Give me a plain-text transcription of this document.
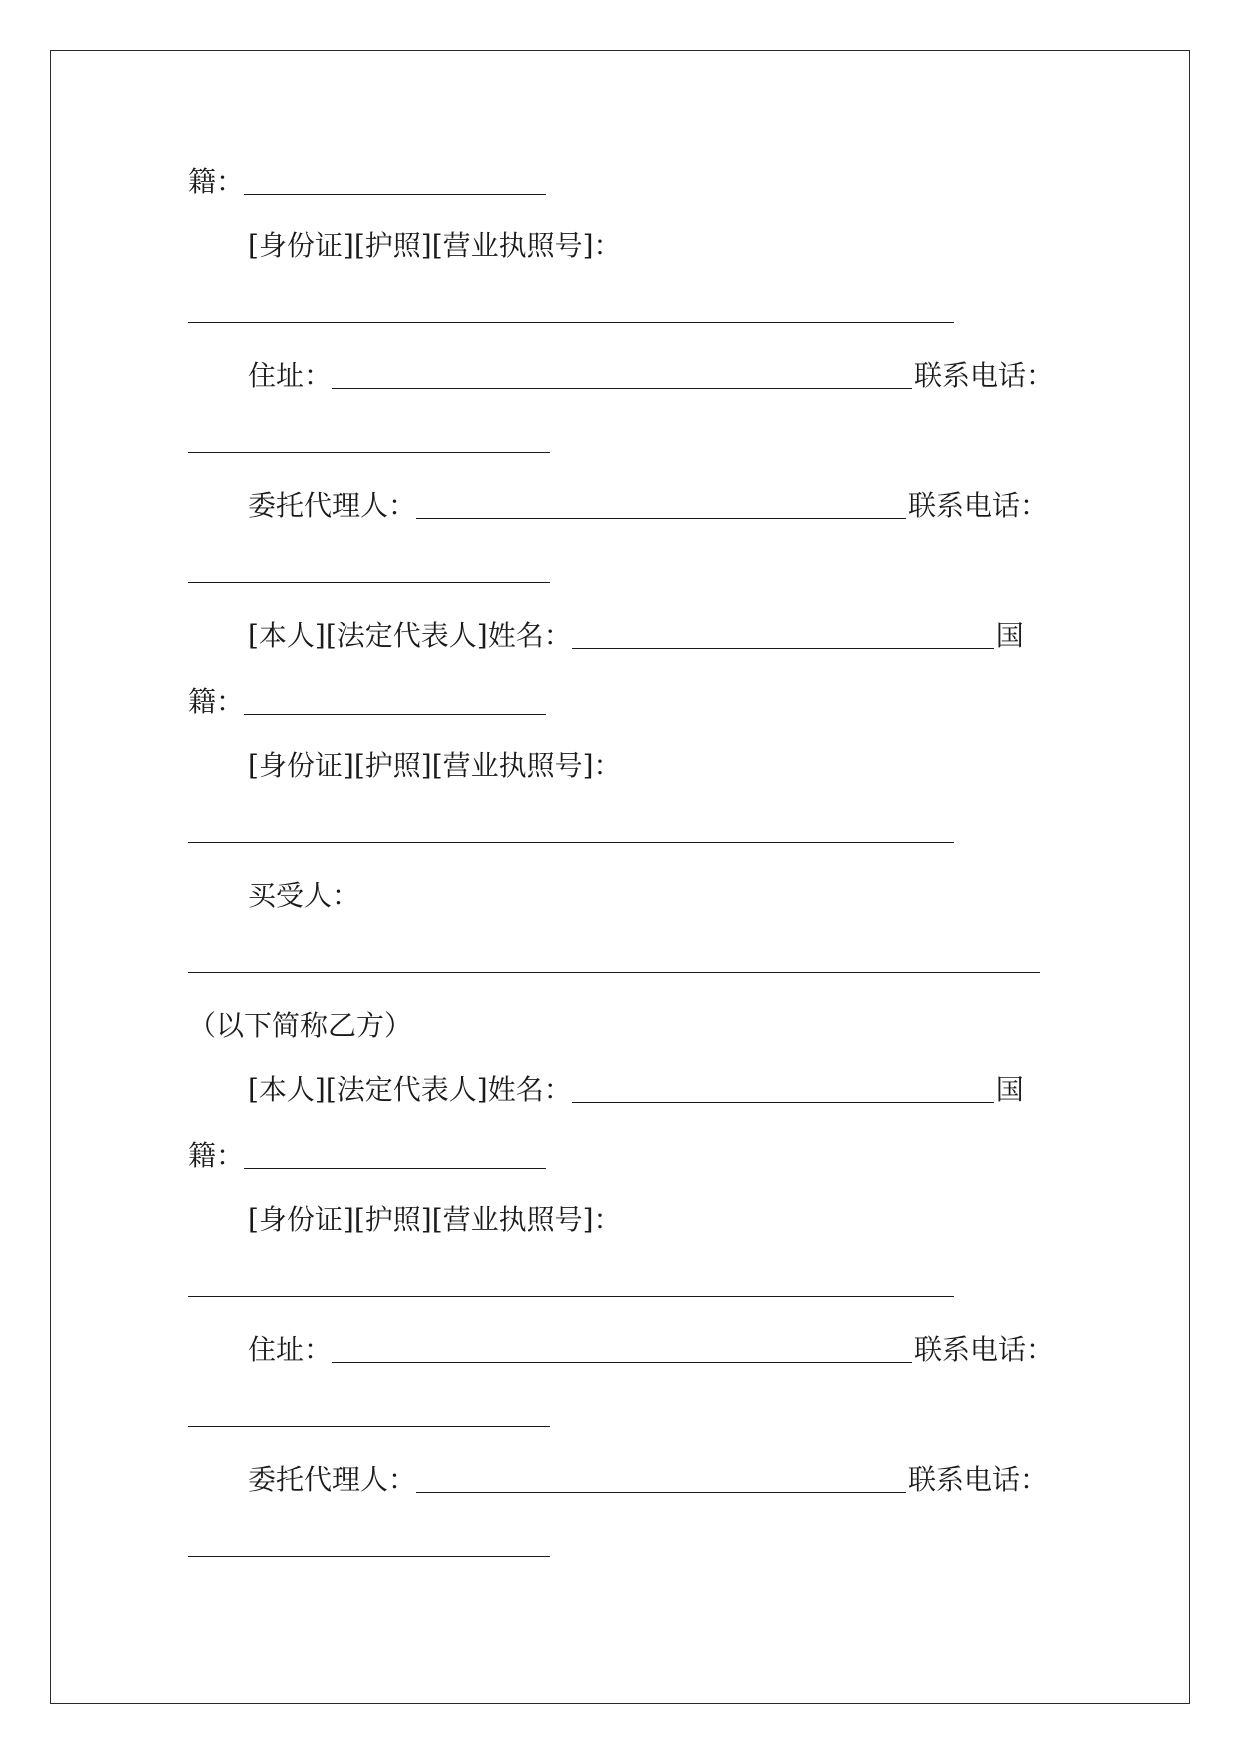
籍：
[身份证][护照][营业执照号]：
住址：	联系电话：
委托代理人：	联系电话：
[本人][法定代表人]姓名：	国
籍：
[身份证][护照][营业执照号]：
买受人：
（以下简称乙方）
[本人][法定代表人]姓名：	国
籍：
[身份证][护照][营业执照号]：
住址：	联系电话：
委托代理人：	联系电话：
